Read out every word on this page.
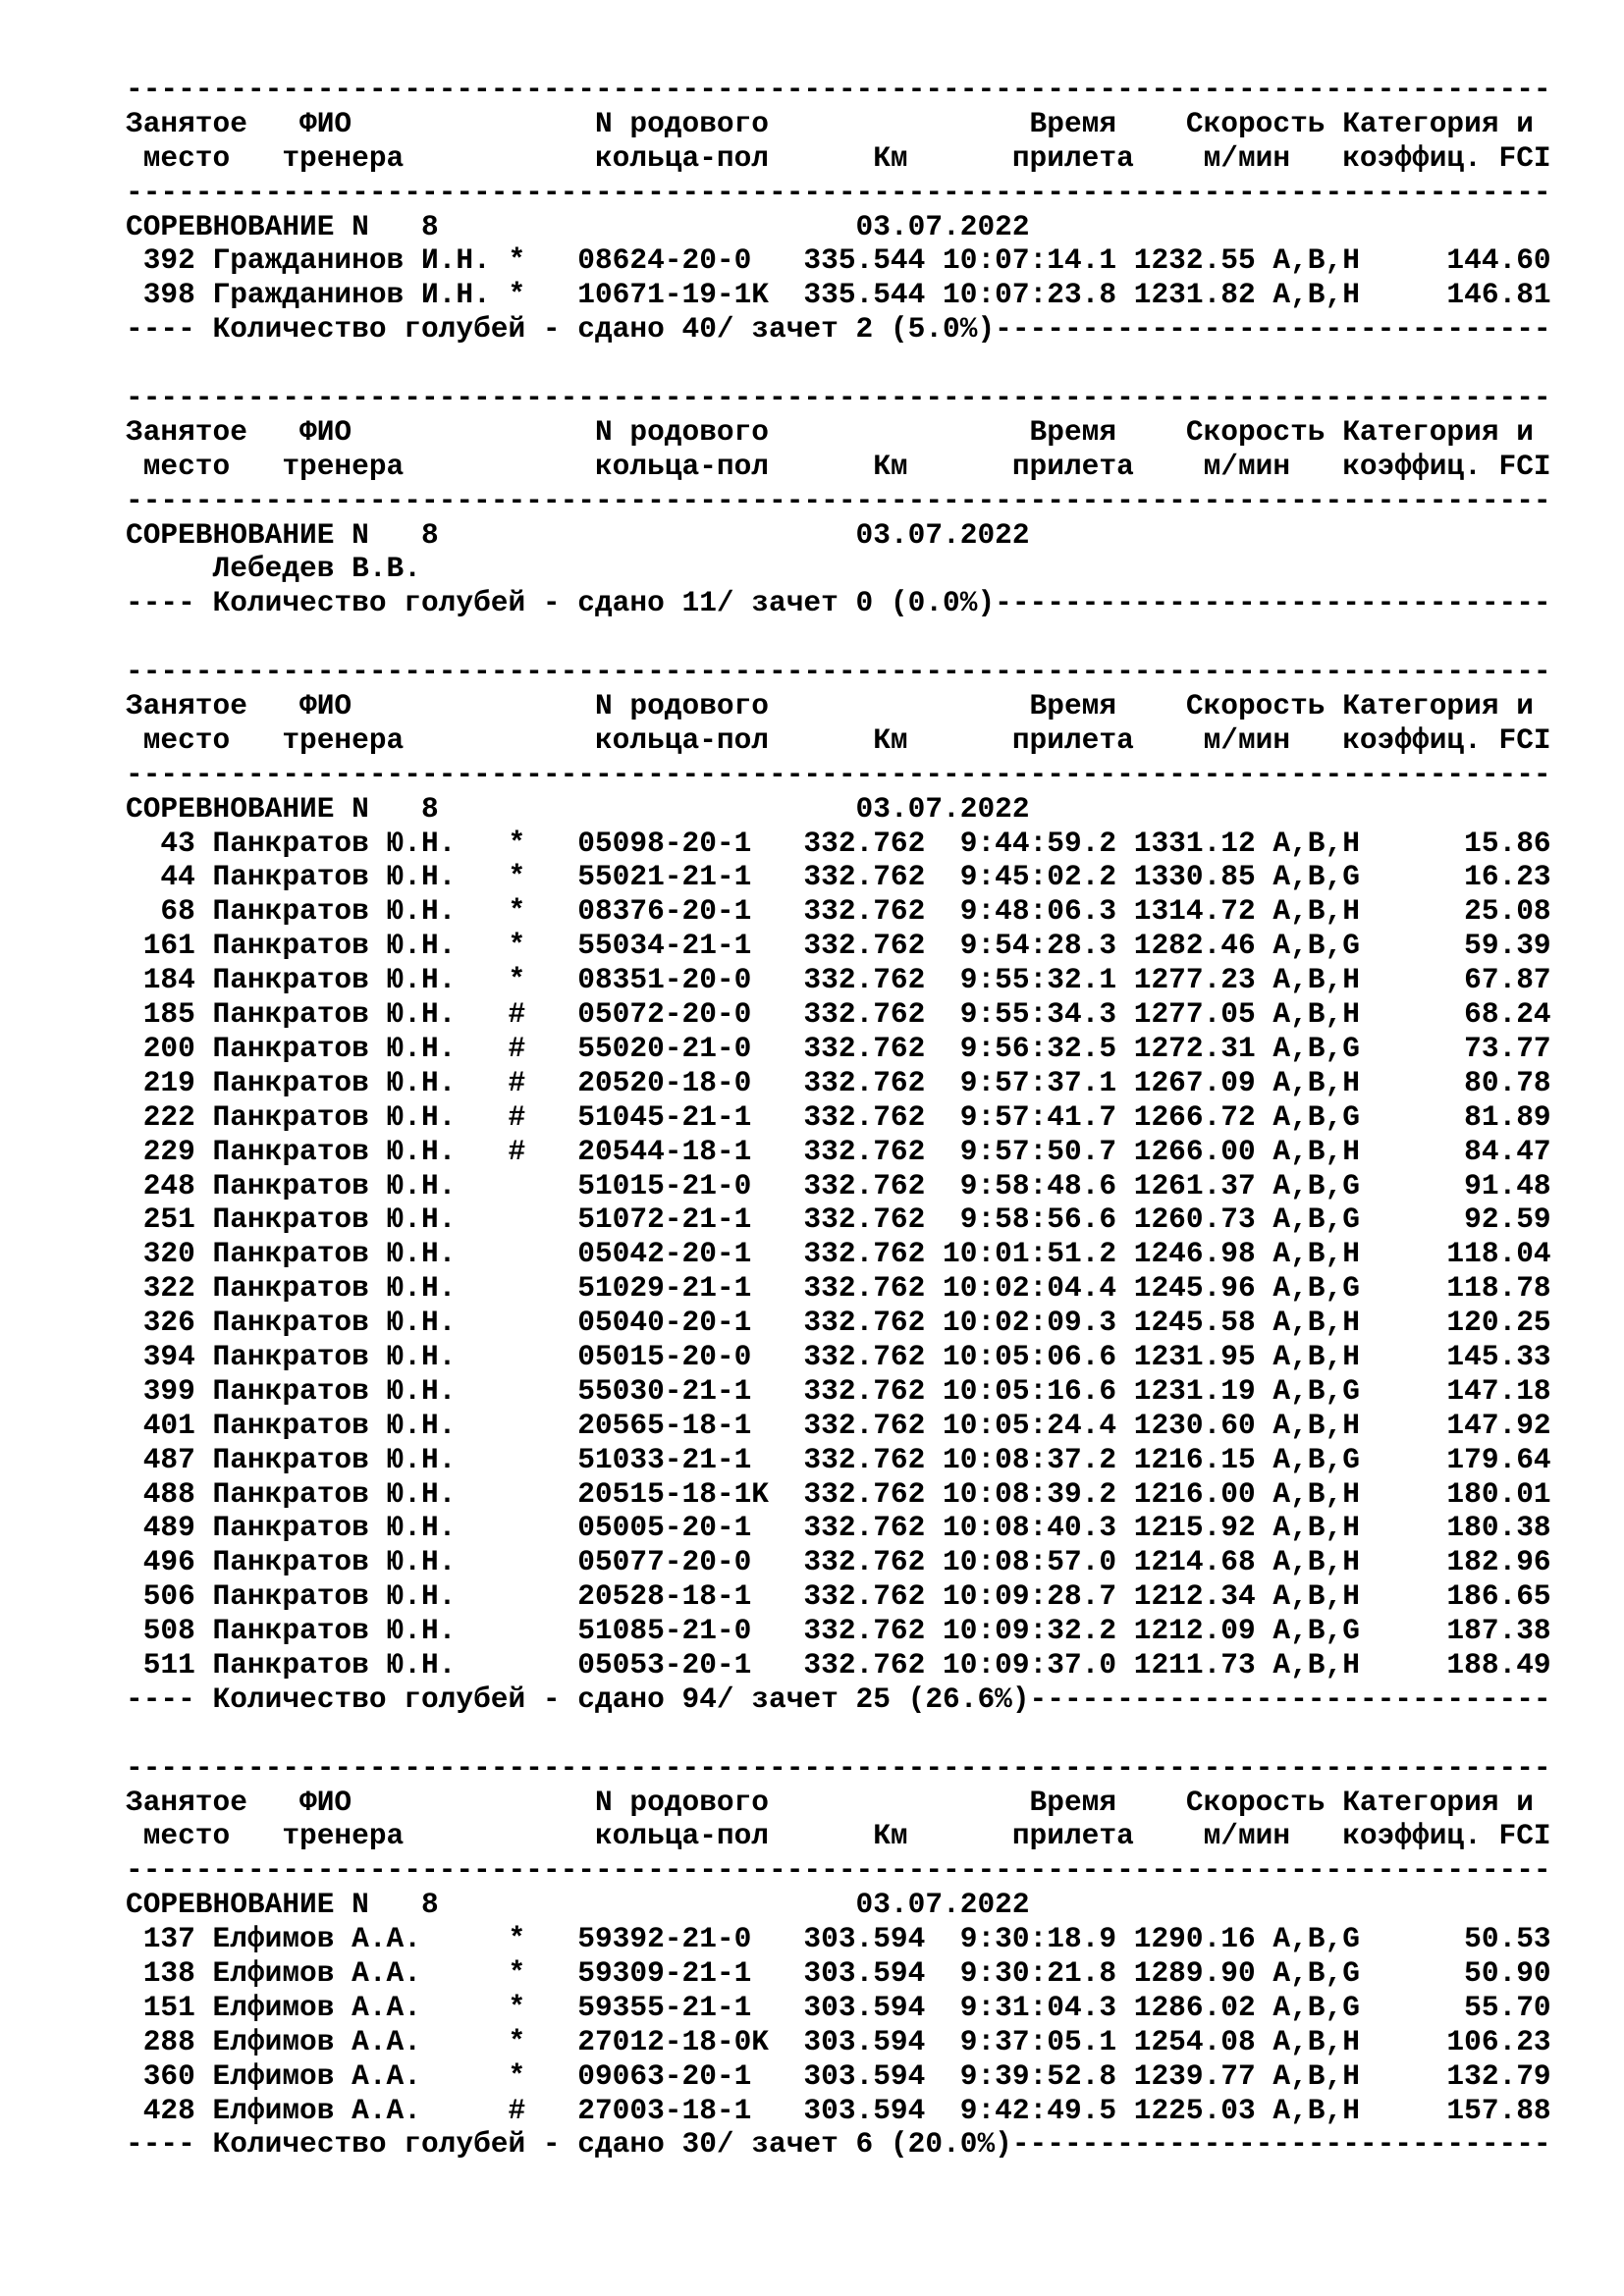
----------------------------------------------------------------------------------
Занятое   ФИО              N родового               Время    Скорость Категория и
место   тренера           кольца-пол      Км      прилета    м/мин   коэффиц. FCI
----------------------------------------------------------------------------------
СОРЕВНОВАНИЕ N   8                        03.07.2022
392 Гражданинов И.Н. *   08624-20-0   335.544 10:07:14.1 1232.55 A,B,H     144.60
398 Гражданинов И.Н. *   10671-19-1K  335.544 10:07:23.8 1231.82 A,B,H     146.81
---- Количество голубей - сдано 40/ зачет 2 (5.0%)--------------------------------
----------------------------------------------------------------------------------
Занятое   ФИО              N родового               Время    Скорость Категория и
место   тренера           кольца-пол      Км      прилета    м/мин   коэффиц. FCI
----------------------------------------------------------------------------------
СОРЕВНОВАНИЕ N   8                        03.07.2022
Лебедев В.В.
---- Количество голубей - сдано 11/ зачет 0 (0.0%)--------------------------------
----------------------------------------------------------------------------------
Занятое   ФИО              N родового               Время    Скорость Категория и
место   тренера           кольца-пол      Км      прилета    м/мин   коэффиц. FCI
----------------------------------------------------------------------------------
СОРЕВНОВАНИЕ N   8                        03.07.2022
43 Панкратов Ю.Н.   *   05098-20-1   332.762  9:44:59.2 1331.12 A,B,H      15.86
44 Панкратов Ю.Н.   *   55021-21-1   332.762  9:45:02.2 1330.85 A,B,G      16.23
68 Панкратов Ю.Н.   *   08376-20-1   332.762  9:48:06.3 1314.72 A,B,H      25.08
161 Панкратов Ю.Н.   *   55034-21-1   332.762  9:54:28.3 1282.46 A,B,G      59.39
184 Панкратов Ю.Н.   *   08351-20-0   332.762  9:55:32.1 1277.23 A,B,H      67.87
185 Панкратов Ю.Н.   #   05072-20-0   332.762  9:55:34.3 1277.05 A,B,H      68.24
200 Панкратов Ю.Н.   #   55020-21-0   332.762  9:56:32.5 1272.31 A,B,G      73.77
219 Панкратов Ю.Н.   #   20520-18-0   332.762  9:57:37.1 1267.09 A,B,H      80.78
222 Панкратов Ю.Н.   #   51045-21-1   332.762  9:57:41.7 1266.72 A,B,G      81.89
229 Панкратов Ю.Н.   #   20544-18-1   332.762  9:57:50.7 1266.00 A,B,H      84.47
248 Панкратов Ю.Н.       51015-21-0   332.762  9:58:48.6 1261.37 A,B,G      91.48
251 Панкратов Ю.Н.       51072-21-1   332.762  9:58:56.6 1260.73 A,B,G      92.59
320 Панкратов Ю.Н.       05042-20-1   332.762 10:01:51.2 1246.98 A,B,H     118.04
322 Панкратов Ю.Н.       51029-21-1   332.762 10:02:04.4 1245.96 A,B,G     118.78
326 Панкратов Ю.Н.       05040-20-1   332.762 10:02:09.3 1245.58 A,B,H     120.25
394 Панкратов Ю.Н.       05015-20-0   332.762 10:05:06.6 1231.95 A,B,H     145.33
399 Панкратов Ю.Н.       55030-21-1   332.762 10:05:16.6 1231.19 A,B,G     147.18
401 Панкратов Ю.Н.       20565-18-1   332.762 10:05:24.4 1230.60 A,B,H     147.92
487 Панкратов Ю.Н.       51033-21-1   332.762 10:08:37.2 1216.15 A,B,G     179.64
488 Панкратов Ю.Н.       20515-18-1K  332.762 10:08:39.2 1216.00 A,B,H     180.01
489 Панкратов Ю.Н.       05005-20-1   332.762 10:08:40.3 1215.92 A,B,H     180.38
496 Панкратов Ю.Н.       05077-20-0   332.762 10:08:57.0 1214.68 A,B,H     182.96
506 Панкратов Ю.Н.       20528-18-1   332.762 10:09:28.7 1212.34 A,B,H     186.65
508 Панкратов Ю.Н.       51085-21-0   332.762 10:09:32.2 1212.09 A,B,G     187.38
511 Панкратов Ю.Н.       05053-20-1   332.762 10:09:37.0 1211.73 A,B,H     188.49
---- Количество голубей - сдано 94/ зачет 25 (26.6%)------------------------------
----------------------------------------------------------------------------------
Занятое   ФИО              N родового               Время    Скорость Категория и
место   тренера           кольца-пол      Км      прилета    м/мин   коэффиц. FCI
----------------------------------------------------------------------------------
СОРЕВНОВАНИЕ N   8                        03.07.2022
137 Елфимов А.А.     *   59392-21-0   303.594  9:30:18.9 1290.16 A,B,G      50.53
138 Елфимов А.А.     *   59309-21-1   303.594  9:30:21.8 1289.90 A,B,G      50.90
151 Елфимов А.А.     *   59355-21-1   303.594  9:31:04.3 1286.02 A,B,G      55.70
288 Елфимов А.А.     *   27012-18-0K  303.594  9:37:05.1 1254.08 A,B,H     106.23
360 Елфимов А.А.     *   09063-20-1   303.594  9:39:52.8 1239.77 A,B,H     132.79
428 Елфимов А.А.     #   27003-18-1   303.594  9:42:49.5 1225.03 A,B,H     157.88
---- Количество голубей - сдано 30/ зачет 6 (20.0%)-------------------------------
